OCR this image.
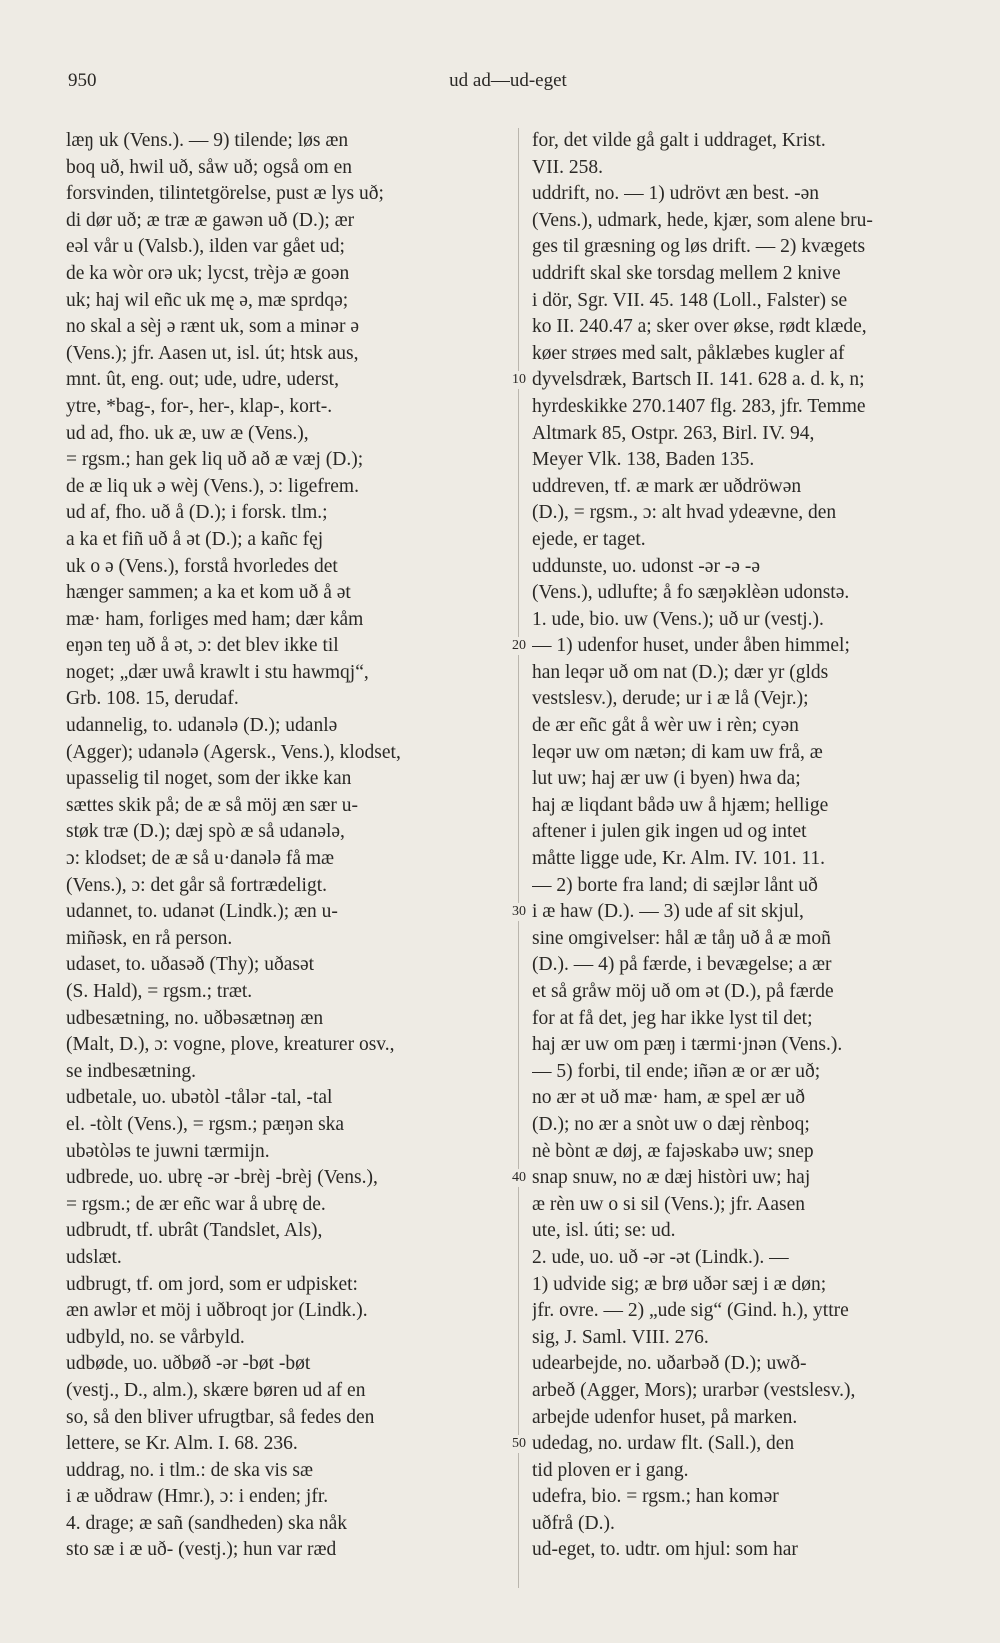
950	ud ad—ud-eget
læŋ uk (Vens.). — 9) tilende; løs æn
boq uð, hwil uð, såw uð; også om en
forsvinden, tilintetgörelse, pust æ lys uð;
di dør uð; æ træ æ gawən uð (D.); ær
eəl vår u (Valsb.), ilden var gået ud;
de ka wòr orə uk; lycst, trèjə æ goən
uk; haj wil eñc uk mę ə, mæ sprdqə;
no skal a sèj ə rænt uk, som a minər ə
(Vens.); jfr. Aasen ut, isl. út; htsk aus,
mnt. ût, eng. out; ude, udre, uderst,
ytre, *bag-, for-, her-, klap-, kort-.
ud ad, fho. uk æ, uw æ (Vens.),
= rgsm.; han gek liq uð að æ væj (D.);
de æ liq uk ə wèj (Vens.), ɔ: ligefrem.
ud af, fho. uð å (D.); i forsk. tlm.;
a ka et fiñ uð å ət (D.); a kañc fęj
uk o ə (Vens.), forstå hvorledes det
hænger sammen; a ka et kom uð å ət
mæ· ham, forliges med ham; dær kåm
eŋən teŋ uð å ət, ɔ: det blev ikke til
noget; „dær uwå krawlt i stu hawmqj“,
Grb. 108. 15, derudaf.
udannelig, to. udanələ (D.); udanlə
(Agger); udanələ (Agersk., Vens.), klodset,
upasselig til noget, som der ikke kan
sættes skik på; de æ så möj æn sær u-
støk træ (D.); dæj spò æ så udanələ,
ɔ: klodset; de æ så u·danələ få mæ
(Vens.), ɔ: det går så fortrædeligt.
udannet, to. udanət (Lindk.); æn u-
miñəsk, en rå person.
udaset, to. uðasəð (Thy); uðasət
(S. Hald), = rgsm.; træt.
udbesætning, no. uðbəsætnəŋ æn
(Malt, D.), ɔ: vogne, plove, kreaturer osv.,
se indbesætning.
udbetale, uo. ubətòl -tålər -tal, -tal
el. -tòlt (Vens.), = rgsm.; pæŋən ska
ubətòləs te juwni tærmijn.
udbrede, uo. ubrę -ər -brèj -brèj (Vens.),
= rgsm.; de ær eñc war å ubrę de.
udbrudt, tf. ubrât (Tandslet, Als),
udslæt.
udbrugt, tf. om jord, som er udpisket:
æn awlər et möj i uðbroqt jor (Lindk.).
udbyld, no. se vårbyld.
udbøde, uo. uðbøð -ər -bøt -bøt
(vestj., D., alm.), skære børen ud af en
so, så den bliver ufrugtbar, så fedes den
lettere, se Kr. Alm. I. 68. 236.
uddrag, no. i tlm.: de ska vis sæ
i æ uðdraw (Hmr.), ɔ: i enden; jfr.
4. drage; æ sañ (sandheden) ska nåk
sto sæ i æ uð- (vestj.); hun var ræd
10
20
30
40
50
for, det vilde gå galt i uddraget, Krist.
VII. 258.
uddrift, no. — 1) udrövt æn best. -ən
(Vens.), udmark, hede, kjær, som alene bru-
ges til græsning og løs drift. — 2) kvægets
uddrift skal ske torsdag mellem 2 knive
i dör, Sgr. VII. 45. 148 (Loll., Falster) se
ko II. 240.47 a; sker over økse, rødt klæde,
køer strøes med salt, påklæbes kugler af
dyvelsdræk, Bartsch II. 141. 628 a. d. k, n;
hyrdeskikke 270.1407 flg. 283, jfr. Temme
Altmark 85, Ostpr. 263, Birl. IV. 94,
Meyer Vlk. 138, Baden 135.
uddreven, tf. æ mark ær uðdröwən
(D.), = rgsm., ɔ: alt hvad ydeævne, den
ejede, er taget.
uddunste, uo. udonst -ər -ə -ə
(Vens.), udlufte; å fo sæŋəklèən udonstə.
1. ude, bio. uw (Vens.); uð ur (vestj.).
— 1) udenfor huset, under åben himmel;
han leqər uð om nat (D.); dær yr (glds
vestslesv.), derude; ur i æ lå (Vejr.);
de ær eñc gåt å wèr uw i rèn; cyən
leqər uw om nætən; di kam uw frå, æ
lut uw; haj ær uw (i byen) hwa da;
haj æ liqdant bådə uw å hjæm; hellige
aftener i julen gik ingen ud og intet
måtte ligge ude, Kr. Alm. IV. 101. 11.
— 2) borte fra land; di sæjlər lånt uð
i æ haw (D.). — 3) ude af sit skjul,
sine omgivelser: hål æ tåŋ uð å æ moñ
(D.). — 4) på færde, i bevægelse; a ær
et så gråw möj uð om ət (D.), på færde
for at få det, jeg har ikke lyst til det;
haj ær uw om pæŋ i tærmi·jnən (Vens.).
— 5) forbi, til ende; iñən æ or ær uð;
no ær ət uð mæ· ham, æ spel ær uð
(D.); no ær a snòt uw o dæj rènboq;
nè bònt æ døj, æ fajəskabə uw; snep
snap snuw, no æ dæj històri uw; haj
æ rèn uw o si sil (Vens.); jfr. Aasen
ute, isl. úti; se: ud.
2. ude, uo. uð -ər -ət (Lindk.). —
1) udvide sig; æ brø uðər sæj i æ døn;
jfr. ovre. — 2) „ude sig“ (Gind. h.), yttre
sig, J. Saml. VIII. 276.
udearbejde, no. uðarbəð (D.); uwð-
arbeð (Agger, Mors); urarbər (vestslesv.),
arbejde udenfor huset, på marken.
udedag, no. urdaw flt. (Sall.), den
tid ploven er i gang.
udefra, bio. = rgsm.; han komər
uðfrå (D.).
ud-eget, to. udtr. om hjul: som har
